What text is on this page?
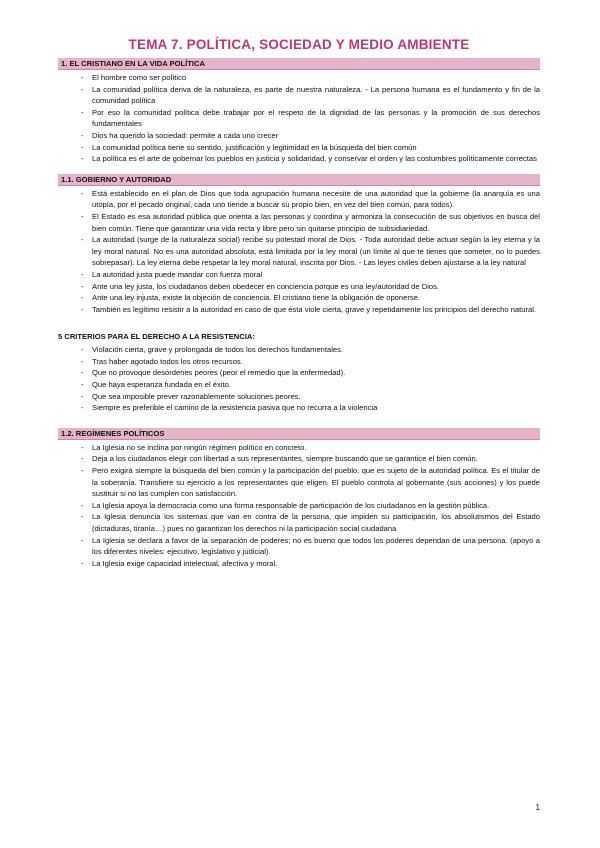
TEMA 7. POLÍTICA, SOCIEDAD Y MEDIO AMBIENTE
1. EL CRISTIANO EN LA VIDA POLÍTICA
- El hombre como ser político
- La comunidad política deriva de la naturaleza, es parte de nuestra naturaleza. - La persona humana es el fundamento y fin de la comunidad política
- Por eso la comunidad política debe trabajar por el respeto de la dignidad de las personas y la promoción de sus derechos fundamentales
- Dios ha querido la sociedad: permite a cada uno crecer
- La comunidad política tiene su sentido, justificación y legitimidad en la búsqueda del bien común
- La política es el arte de gobernar los pueblos en justicia y solidaridad, y conservar el orden y las costumbres políticamente correctas
1.1. GOBIERNO Y AUTORIDAD
- Está establecido en el plan de Dios que toda agrupación humana necesite de una autoridad que la gobierne (la anarquía es una utopía, por el pecado original, cada uno tiende a buscar su propio bien, en vez del bien común, para todos).
- El Estado es esa autoridad pública que orienta a las personas y coordina y armoniza la consecución de sus objetivos en busca del bien común. Tiene que garantizar una vida recta y libre pero sin quitarse principio de subsidiariedad.
- La autoridad (surge de la naturaleza social) recibe su potestad moral de Dios. - Toda autoridad debe actuar según la ley eterna y la ley moral natural. No es una autoridad absoluta, está limitada por la ley moral (un límite al que te tienes que someter, no lo puedes sobrepasar). La ley eterna debe respetar la ley moral natural, inscrita por Dios. - Las leyes civiles deben ajustarse a la ley natural
- La autoridad justa puede mandar con fuerza moral
- Ante una ley justa, los ciudadanos deben obedecer en conciencia porque es una ley/autoridad de Dios.
- Ante una ley injusta, existe la objeción de conciencia. El cristiano tiene la obligación de oponerse.
- También es legítimo resistir a la autoridad en caso de que ésta viole cierta, grave y repetidamente los principios del derecho natural.
5 CRITERIOS PARA EL DERECHO A LA RESISTENCIA:
- Violación cierta, grave y prolongada de todos los derechos fundamentales.
- Tras haber agotado todos los otros recursos.
- Que no provoque desórdenes peores (peor el remedio que la enfermedad).
- Que haya esperanza fundada en el éxito.
- Que sea imposible prever razonablemente soluciones peores.
- Siempre es preferible el camino de la resistencia pasiva que no recurra a la violencia
1.2. REGÍMENES POLÍTICOS
- La Iglesia no se inclina por ningún régimen político en concreto.
- Deja a los ciudadanos elegir con libertad a sus representantes, siempre buscando que se garantice el bien común.
- Pero exigirá siempre la búsqueda del bien común y la participación del pueblo, que es sujeto de la autoridad política. Es el titular de la soberanía. Transfiere su ejercicio a los representantes que eligen. El pueblo controla al gobernante (sus acciones) y los puede sustituir si no las cumplen con satisfacción.
- La Iglesia apoya la democracia como una forma responsable de participación de los ciudadanos en la gestión pública.
- La Iglesia denuncia los sistemas que van en contra de la persona, que impiden su participación, los absolutismos del Estado (dictaduras, tiranía…) pues no garantizan los derechos ni la participación social ciudadana
- La Iglesia se declara a favor de la separación de poderes; no es bueno que todos los poderes dependan de una persona. (apoyo a los diferentes niveles: ejecutivo, legislativo y judicial).
- La Iglesia exige capacidad intelectual, afectiva y moral.
1
